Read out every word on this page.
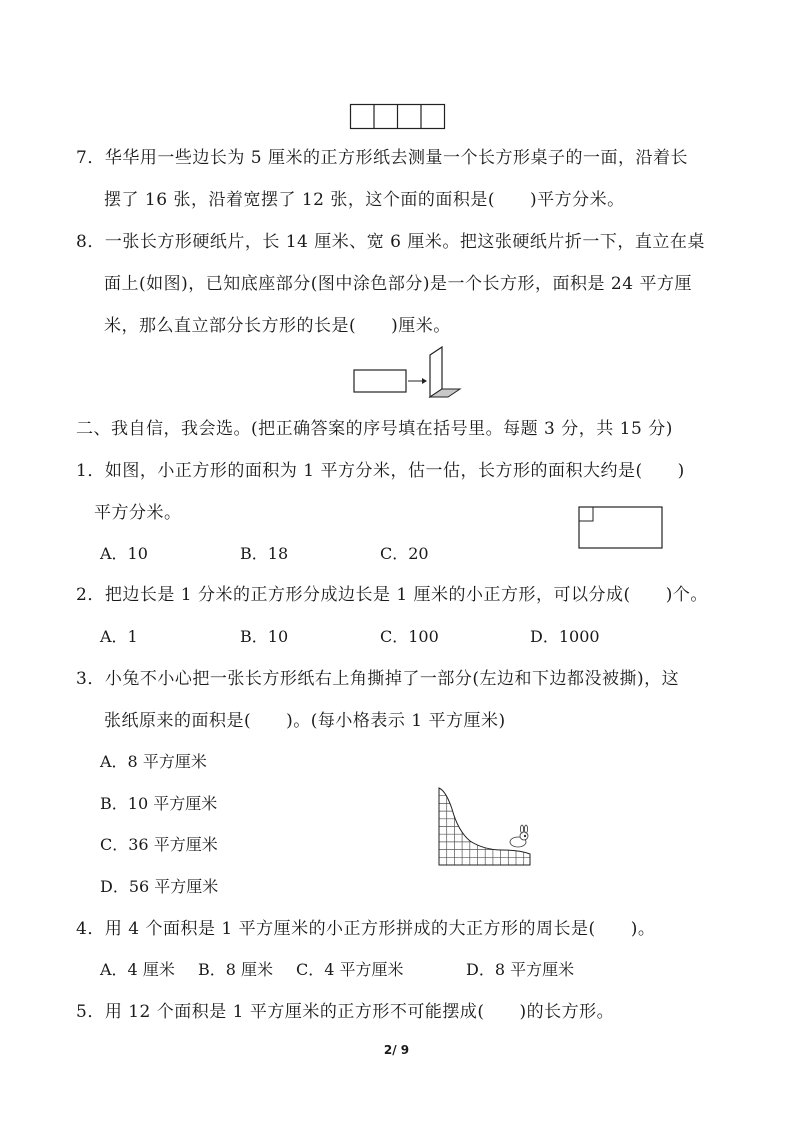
7．华华用一些边长为 5 厘米的正方形纸去测量一个长方形桌子的一面，沿着长
摆了 16 张，沿着宽摆了 12 张，这个面的面积是(　　)平方分米。
8．一张长方形硬纸片，长 14 厘米、宽 6 厘米。把这张硬纸片折一下，直立在桌
面上(如图)，已知底座部分(图中涂色部分)是一个长方形，面积是 24 平方厘
米，那么直立部分长方形的长是(　　)厘米。
二、我自信，我会选。(把正确答案的序号填在括号里。每题 3 分，共 15 分)
1．如图，小正方形的面积为 1 平方分米，估一估，长方形的面积大约是(　　)
平方分米。
A．10	B．18	C．20
2．把边长是 1 分米的正方形分成边长是 1 厘米的小正方形，可以分成(　　)个。
A．1	B．10	C．100	D．1000
3．小兔不小心把一张长方形纸右上角撕掉了一部分(左边和下边都没被撕)，这
张纸原来的面积是(　　)。(每小格表示 1 平方厘米)
A．8 平方厘米
B．10 平方厘米
C．36 平方厘米
D．56 平方厘米
4．用 4 个面积是 1 平方厘米的小正方形拼成的大正方形的周长是(　　)。
A．4 厘米 B．8 厘米 C．4 平方厘米	D．8 平方厘米
5．用 12 个面积是 1 平方厘米的正方形不可能摆成(　　)的长方形。
2/ 9
